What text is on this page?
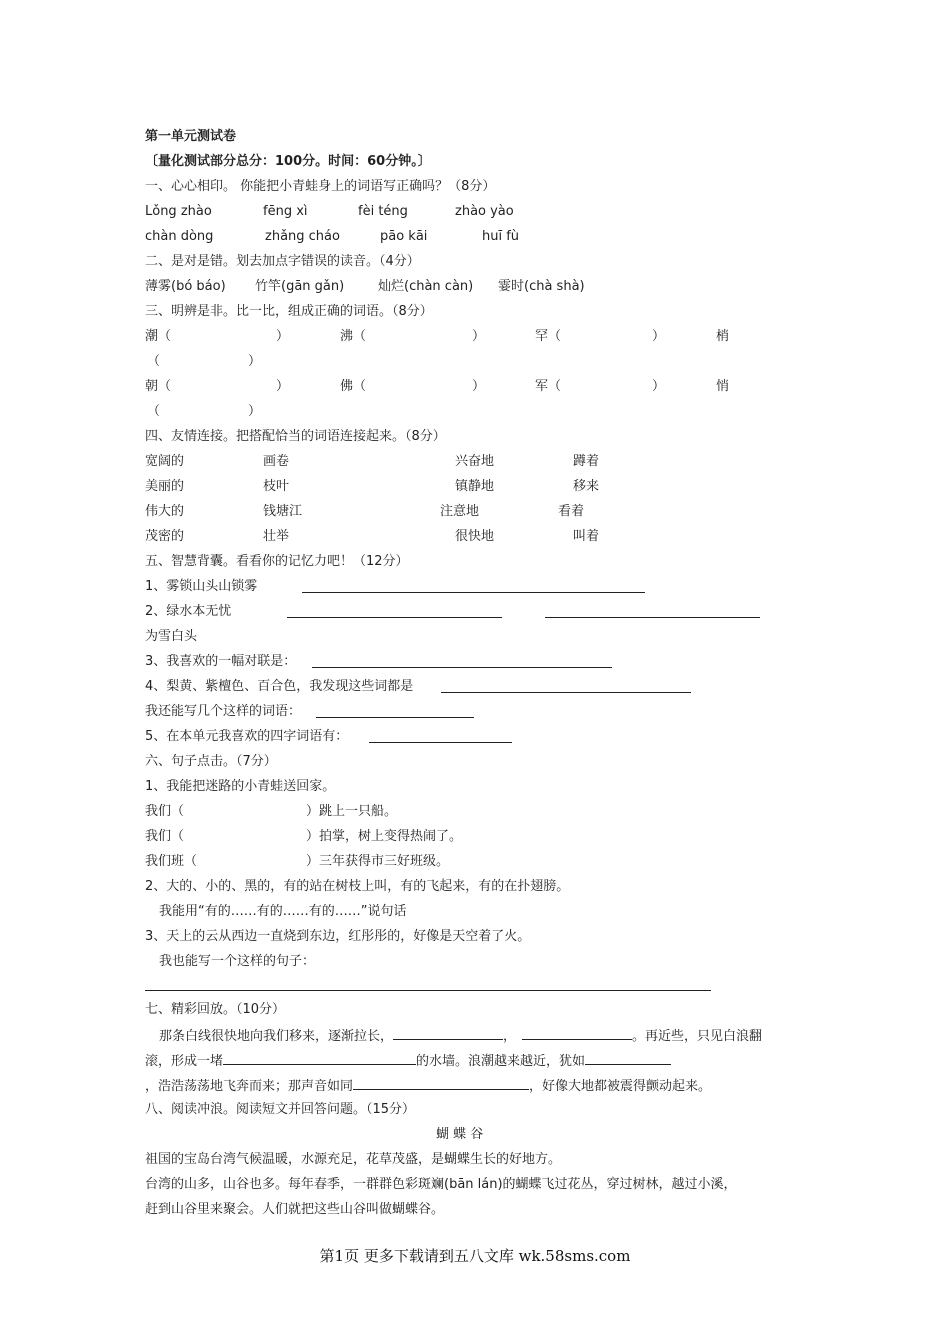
第一单元测试卷
〔量化测试部分总分：100分。时间：60分钟。〕
一、心心相印。 你能把小青蛙身上的词语写正确吗？（8分）
Lǒng zhào	fēng xì	fèi téng	zhào yào
chàn dòng	zhǎng cháo	pāo kāi	huī fù
二、是对是错。划去加点字错误的读音。（4分）
薄雾(bó báo) 竹竿(gān gǎn)	灿烂(chàn càn) 霎时(chà shà)
三、明辨是非。比一比，组成正确的词语。（8分）
潮（	）	沸（	）	罕（	）	梢
（	）
朝（	）	佛（	）	军（	）	悄
（	）
四、友情连接。把搭配恰当的词语连接起来。（8分）
宽阔的	画卷	兴奋地	蹲着
美丽的	枝叶	镇静地	移来
伟大的	钱塘江	注意地	看着
茂密的	壮举	很快地	叫着
五、智慧背囊。看看你的记忆力吧！（12分）
1、雾锁山头山锁雾
2、绿水本无忧
为雪白头
3、我喜欢的一幅对联是：
4、梨黄、紫檀色、百合色，我发现这些词都是
我还能写几个这样的词语：
5、在本单元我喜欢的四字词语有：
六、句子点击。（7分）
1、我能把迷路的小青蛙送回家。
我们（	）跳上一只船。
我们（	）拍掌，树上变得热闹了。
我们班（	）三年获得市三好班级。
2、大的、小的、黑的，有的站在树枝上叫，有的飞起来，有的在扑翅膀。
我能用“有的……有的……有的……”说句话
3、天上的云从西边一直烧到东边，红彤彤的，好像是天空着了火。
我也能写一个这样的句子：
七、精彩回放。（10分）
那条白线很快地向我们移来，逐渐拉长，	，	。再近些，只见白浪翻
滚，形成一堵	的水墙。浪潮越来越近，犹如
，浩浩荡荡地飞奔而来；那声音如同	，好像大地都被震得颤动起来。
八、阅读冲浪。阅读短文并回答问题。（15分）
蝴 蝶 谷
祖国的宝岛台湾气候温暖，水源充足，花草茂盛，是蝴蝶生长的好地方。
台湾的山多，山谷也多。每年春季，一群群色彩斑斓(bān lán)的蝴蝶飞过花丛，穿过树林，越过小溪，
赶到山谷里来聚会。人们就把这些山谷叫做蝴蝶谷。
第1页 更多下载请到五八文库 wk.58sms.com
